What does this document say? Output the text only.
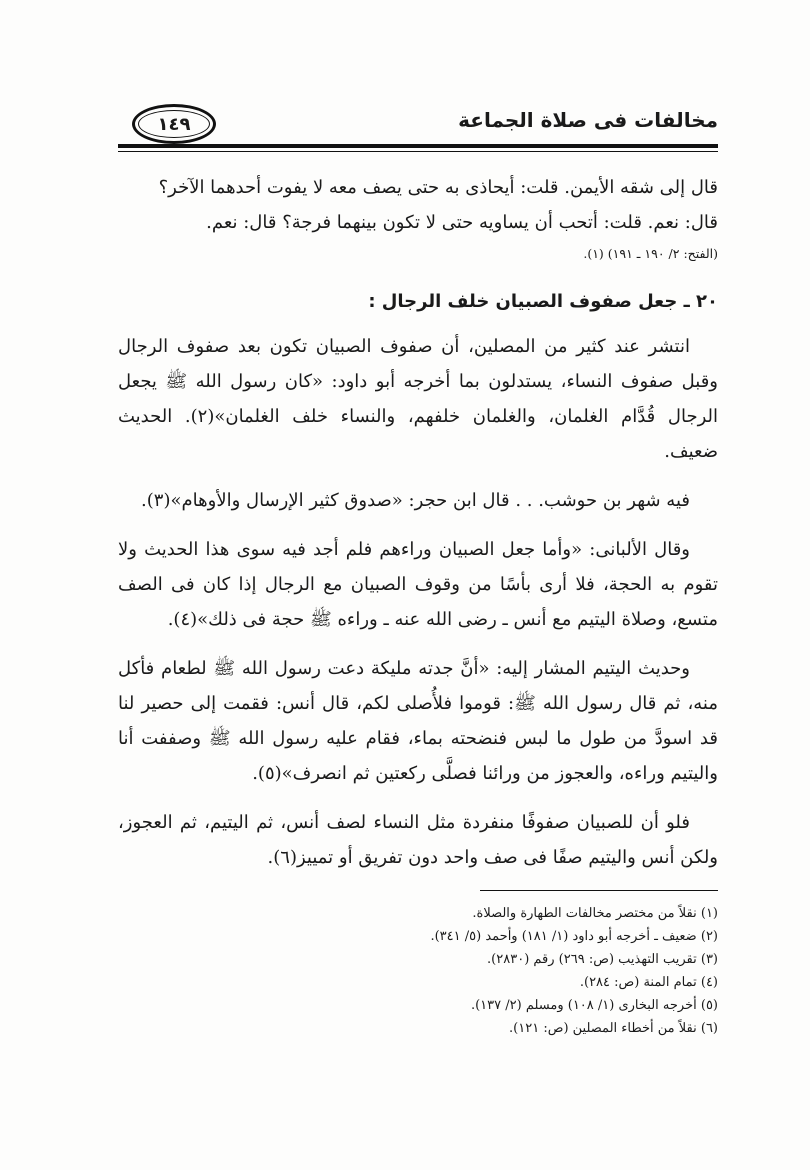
مخالفات فى صلاة الجماعة
١٤٩

قال إلى شقه الأيمن. قلت: أيحاذى به حتى يصف معه لا يفوت أحدهما الآخر؟

قال: نعم. قلت: أتحب أن يساويه حتى لا تكون بينهما فرجة؟ قال: نعم.

(الفتح: ٢/ ١٩٠ ـ ١٩١) (١).

٢٠ ـ جعل صفوف الصبيان خلف الرجال :

انتشر عند كثير من المصلين، أن صفوف الصبيان تكون بعد صفوف الرجال وقبل صفوف النساء، يستدلون بما أخرجه أبو داود: «كان رسول الله ﷺ يجعل الرجال قُدَّام الغلمان، والغلمان خلفهم، والنساء خلف الغلمان»(٢). الحديث ضعيف.

فيه شهر بن حوشب. . . قال ابن حجر: «صدوق كثير الإرسال والأوهام»(٣).

وقال الألبانى: «وأما جعل الصبيان وراءهم فلم أجد فيه سوى هذا الحديث ولا تقوم به الحجة، فلا أرى بأسًا من وقوف الصبيان مع الرجال إذا كان فى الصف متسع، وصلاة اليتيم مع أنس ـ رضى الله عنه ـ وراءه ﷺ حجة فى ذلك»(٤).

وحديث اليتيم المشار إليه: «أنَّ جدته مليكة دعت رسول الله ﷺ لطعام فأكل منه، ثم قال رسول الله ﷺ: قوموا فلأُصلى لكم، قال أنس: فقمت إلى حصير لنا قد اسودَّ من طول ما لبس فنضحته بماء، فقام عليه رسول الله ﷺ وصففت أنا واليتيم وراءه، والعجوز من ورائنا فصلَّى ركعتين ثم انصرف»(٥).

فلو أن للصبيان صفوفًا منفردة مثل النساء لصف أنس، ثم اليتيم، ثم العجوز، ولكن أنس واليتيم صفًا فى صف واحد دون تفريق أو تمييز(٦).

(١) نقلاً من مختصر مخالفات الطهارة والصلاة.
(٢) ضعيف ـ أخرجه أبو داود (١/ ١٨١) وأحمد (٥/ ٣٤١).
(٣) تقريب التهذيب (ص: ٢٦٩) رقم (٢٨٣٠).
(٤) تمام المنة (ص: ٢٨٤).
(٥) أخرجه البخارى (١/ ١٠٨) ومسلم (٢/ ١٣٧).
(٦) نقلاً من أخطاء المصلين (ص: ١٢١).
